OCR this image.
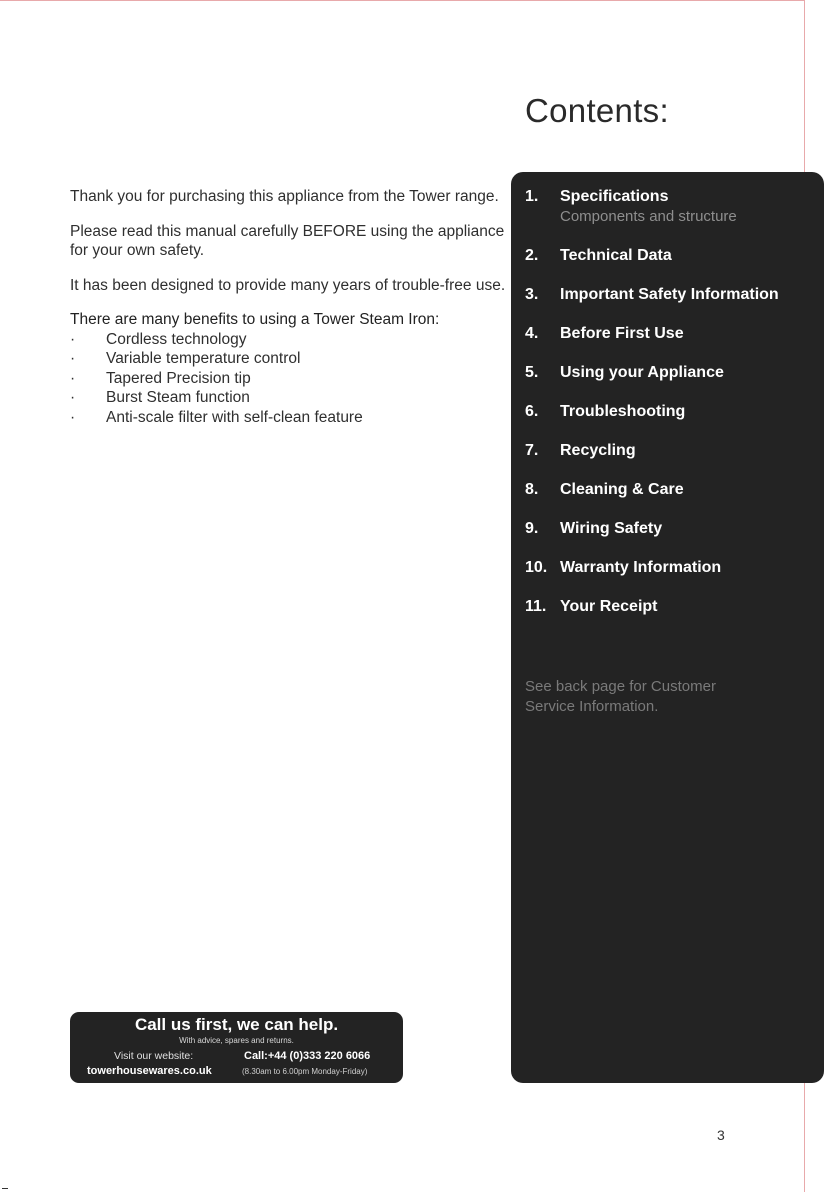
Contents:

Thank you for purchasing this appliance from the Tower range.

Please read this manual carefully BEFORE using the appliance for your own safety.

It has been designed to provide many years of trouble-free use.

There are many benefits to using a Tower Steam Iron:

· Cordless technology
· Variable temperature control
· Tapered Precision tip
· Burst Steam function
· Anti-scale filter with self-clean feature
1.	Specifications
Components and structure
2.	Technical Data
3.	Important Safety Information
4.	Before First Use
5.	Using your Appliance
6.	Troubleshooting
7.	Recycling
8.	Cleaning & Care
9.	Wiring Safety
10. Warranty Information
11. Your Receipt
See back page for Customer Service Information.
Call us first, we can help.
With advice, spares and returns.
Visit our website:	Call:+44 (0)333 220 6066
towerhousewares.co.uk	(8.30am to 6.00pm Monday-Friday)
3
